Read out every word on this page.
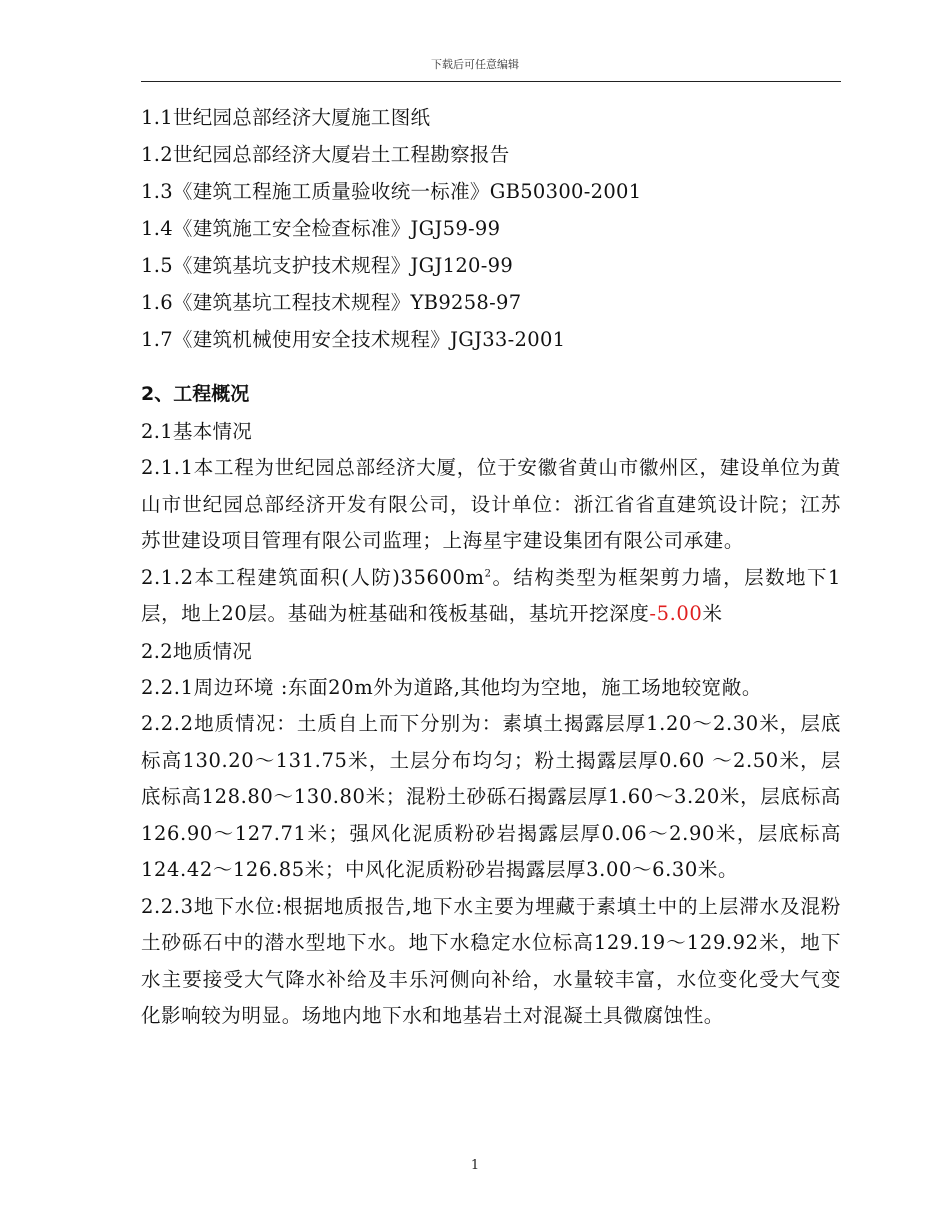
下载后可任意编辑
1.1世纪园总部经济大厦施工图纸
1.2世纪园总部经济大厦岩土工程勘察报告
1.3《建筑工程施工质量验收统一标准》GB50300-2001
1.4《建筑施工安全检查标准》JGJ59-99
1.5《建筑基坑支护技术规程》JGJ120-99
1.6《建筑基坑工程技术规程》YB9258-97
1.7《建筑机械使用安全技术规程》JGJ33-2001
2、工程概况
2.1基本情况
2.1.1本工程为世纪园总部经济大厦，位于安徽省黄山市徽州区，建设单位为黄山市世纪园总部经济开发有限公司，设计单位：浙江省省直建筑设计院；江苏苏世建设项目管理有限公司监理；上海星宇建设集团有限公司承建。
2.1.2本工程建筑面积(人防)$35600m^2$。结构类型为框架剪力墙，层数地下1层，地上20层。基础为桩基础和筏板基础，基坑开挖深度-5.00米
2.2地质情况
2.2.1周边环境 :东面20m外为道路,其他均为空地，施工场地较宽敞。
2.2.2地质情况：土质自上而下分别为：素填土揭露层厚1.20～2.30米，层底标高130.20～131.75米，土层分布均匀；粉土揭露层厚0.60 ～2.50米，层底标高128.80～130.80米；混粉土砂砾石揭露层厚1.60～3.20米，层底标高126.90～127.71米；强风化泥质粉砂岩揭露层厚0.06～2.90米，层底标高124.42～126.85米；中风化泥质粉砂岩揭露层厚3.00～6.30米。
2.2.3地下水位:根据地质报告,地下水主要为埋藏于素填土中的上层滞水及混粉土砂砾石中的潜水型地下水。地下水稳定水位标高129.19～129.92米，地下水主要接受大气降水补给及丰乐河侧向补给，水量较丰富，水位变化受大气变化影响较为明显。场地内地下水和地基岩土对混凝土具微腐蚀性。
1
